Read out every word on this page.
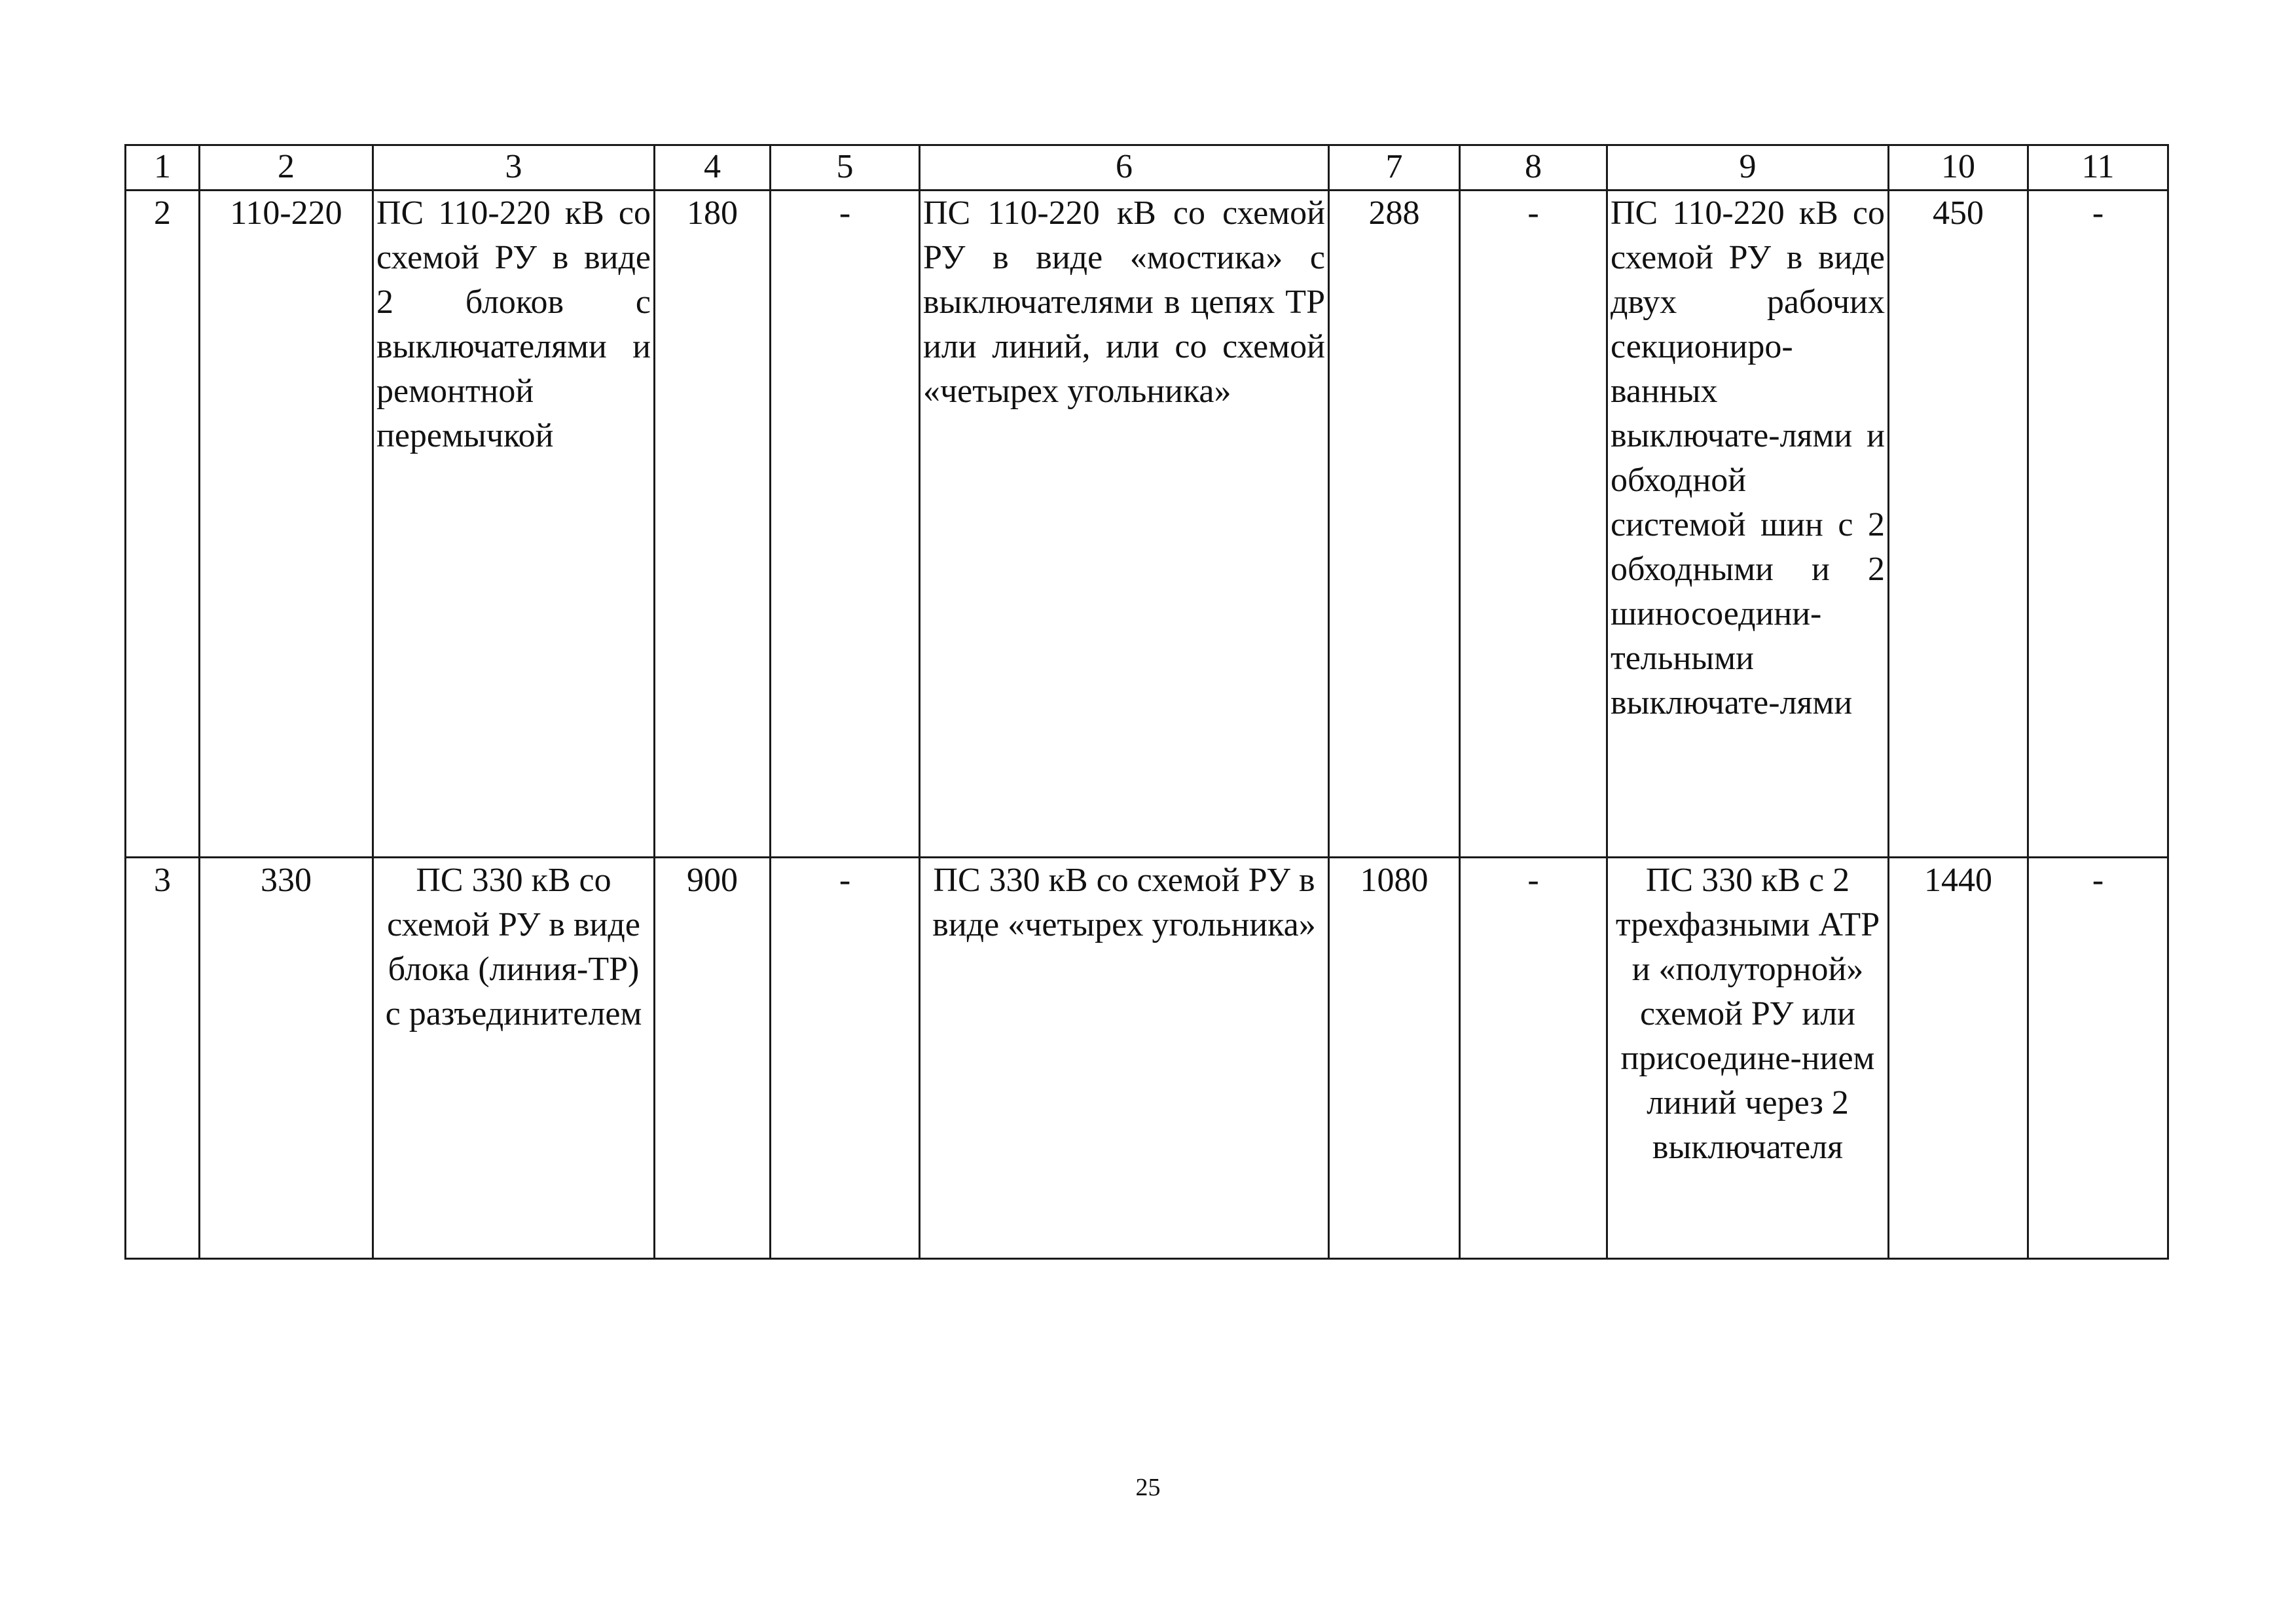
1	2	3	4	5	6	7	8	9	10	11
2	110-220	ПС 110-220 кВ со схемой РУ в виде 2 блоков с выключателями и ремонтной перемычкой	180	-	ПС 110-220 кВ со схемой РУ в виде «мостика» с выключателями в цепях ТР или линий, или со схемой «четырех угольника»	288	-	ПС 110-220 кВ со схемой РУ в виде двух рабочих секциониро-ванных выключате-лями и обходной системой шин с 2 обходными и 2 шиносоедини-тельными выключате-лями	450	-
3	330	ПС 330 кВ со схемой РУ в виде блока (линия-ТР) с разъединителем	900	-	ПС 330 кВ со схемой РУ в виде «четырех угольника»	1080	-	ПС 330 кВ с 2 трехфазными АТР и «полуторной» схемой РУ или присоедине-нием линий через 2 выключателя	1440	-
25
